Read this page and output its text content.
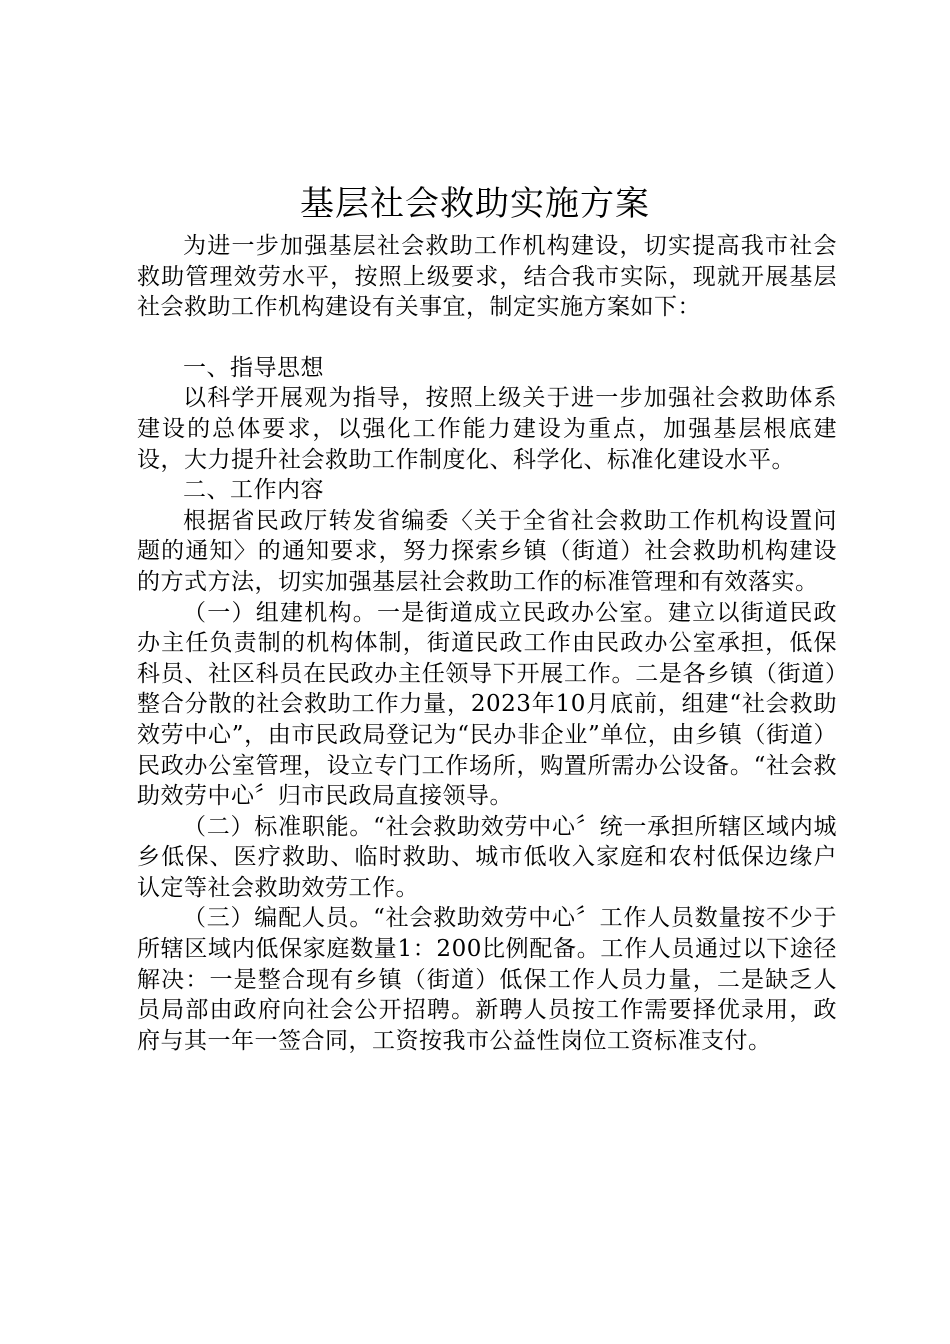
基层社会救助实施方案

为进一步加强基层社会救助工作机构建设，切实提高我市社会救助管理效劳水平，按照上级要求，结合我市实际，现就开展基层社会救助工作机构建设有关事宜，制定实施方案如下：

一、指导思想

以科学开展观为指导，按照上级关于进一步加强社会救助体系建设的总体要求，以强化工作能力建设为重点，加强基层根底建设，大力提升社会救助工作制度化、科学化、标准化建设水平。

二、工作内容

根据省民政厅转发省编委〈关于全省社会救助工作机构设置问题的通知〉的通知要求，努力探索乡镇（街道）社会救助机构建设的方式方法，切实加强基层社会救助工作的标准管理和有效落实。

（一）组建机构。一是街道成立民政办公室。建立以街道民政办主任负责制的机构体制，街道民政工作由民政办公室承担，低保科员、社区科员在民政办主任领导下开展工作。二是各乡镇（街道）整合分散的社会救助工作力量，2023年10月底前，组建“社会救助效劳中心”，由市民政局登记为“民办非企业”单位，由乡镇（街道）民政办公室管理，设立专门工作场所，购置所需办公设备。“社会救助效劳中心〞归市民政局直接领导。

（二）标准职能。“社会救助效劳中心〞统一承担所辖区域内城乡低保、医疗救助、临时救助、城市低收入家庭和农村低保边缘户认定等社会救助效劳工作。

（三）编配人员。“社会救助效劳中心〞工作人员数量按不少于所辖区域内低保家庭数量1：200比例配备。工作人员通过以下途径解决：一是整合现有乡镇（街道）低保工作人员力量，二是缺乏人员局部由政府向社会公开招聘。新聘人员按工作需要择优录用，政府与其一年一签合同，工资按我市公益性岗位工资标准支付。
